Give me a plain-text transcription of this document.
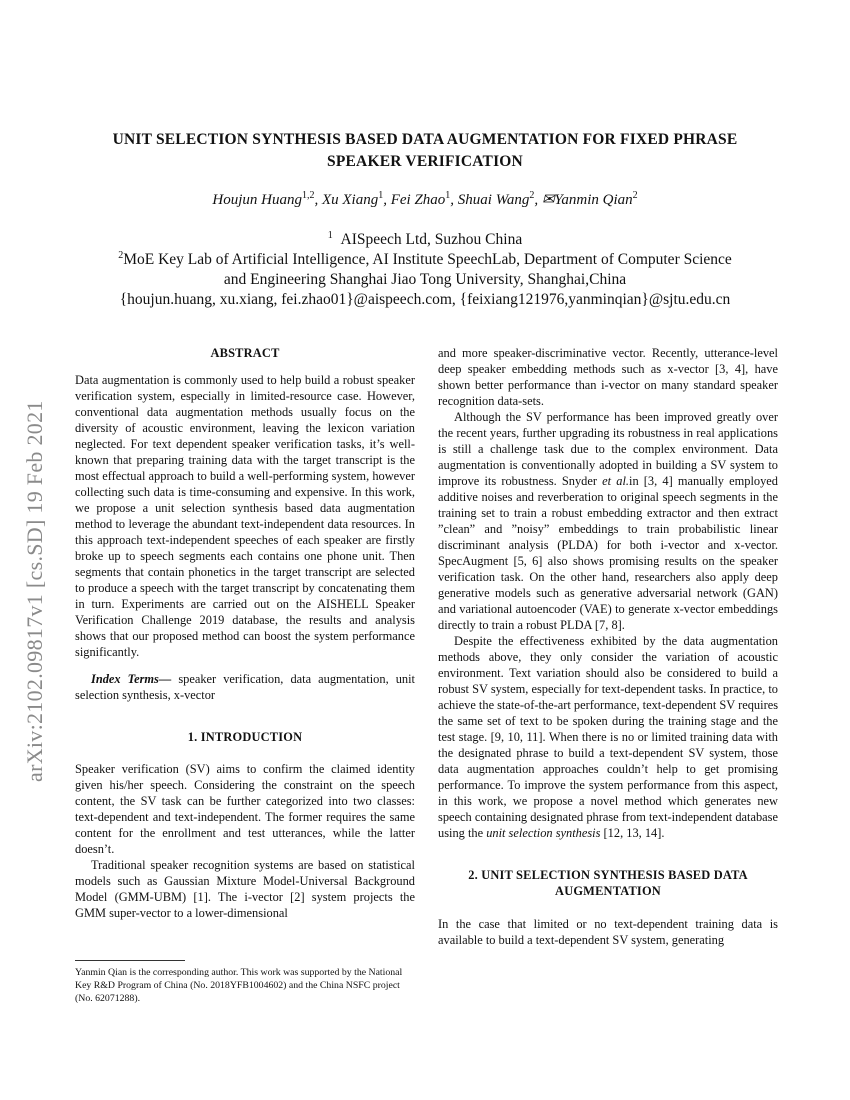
arXiv:2102.09817v1 [cs.SD] 19 Feb 2021
UNIT SELECTION SYNTHESIS BASED DATA AUGMENTATION FOR FIXED PHRASE
SPEAKER VERIFICATION
Houjun Huang$^{1,2}$, Xu Xiang$^1$, Fei Zhao$^1$, Shuai Wang$^2$, ✉Yanmin Qian$^2$
$^1$ AISpeech Ltd, Suzhou China
$^2$MoE Key Lab of Artificial Intelligence, AI Institute SpeechLab, Department of Computer Science
and Engineering Shanghai Jiao Tong University, Shanghai,China
{houjun.huang, xu.xiang, fei.zhao01}@aispeech.com, {feixiang121976,yanminqian}@sjtu.edu.cn
ABSTRACT

Data augmentation is commonly used to help build a robust speaker verification system, especially in limited-resource case. However, conventional data augmentation methods usually focus on the diversity of acoustic environment, leaving the lexicon variation neglected. For text dependent speaker verification tasks, it’s well-known that preparing training data with the target transcript is the most effectual approach to build a well-performing system, however collecting such data is time-consuming and expensive. In this work, we propose a unit selection synthesis based data augmentation method to leverage the abundant text-independent data resources. In this approach text-independent speeches of each speaker are firstly broke up to speech segments each contains one phone unit. Then segments that contain phonetics in the target transcript are selected to produce a speech with the target transcript by concatenating them in turn. Experiments are carried out on the AISHELL Speaker Verification Challenge 2019 database, the results and analysis shows that our proposed method can boost the system performance significantly.

Index Terms— speaker verification, data augmentation, unit selection synthesis, x-vector

1. INTRODUCTION

Speaker verification (SV) aims to confirm the claimed identity given his/her speech. Considering the constraint on the speech content, the SV task can be further categorized into two classes: text-dependent and text-independent. The former requires the same content for the enrollment and test utterances, while the latter doesn’t.

Traditional speaker recognition systems are based on statistical models such as Gaussian Mixture Model-Universal Background Model (GMM-UBM) [1]. The i-vector [2] system projects the GMM super-vector to a lower-dimensional

Yanmin Qian is the corresponding author. This work was supported by the National Key R&D Program of China (No. 2018YFB1004602) and the China NSFC project (No. 62071288).

and more speaker-discriminative vector. Recently, utterance-level deep speaker embedding methods such as x-vector [3, 4], have shown better performance than i-vector on many standard speaker recognition data-sets.

Although the SV performance has been improved greatly over the recent years, further upgrading its robustness in real applications is still a challenge task due to the complex environment. Data augmentation is conventionally adopted in building a SV system to improve its robustness. Snyder et al.in [3, 4] manually employed additive noises and reverberation to original speech segments in the training set to train a robust embedding extractor and then extract ”clean” and ”noisy” embeddings to train probabilistic linear discriminant analysis (PLDA) for both i-vector and x-vector. SpecAugment [5, 6] also shows promising results on the speaker verification task. On the other hand, researchers also apply deep generative models such as generative adversarial network (GAN) and variational autoencoder (VAE) to generate x-vector embeddings directly to train a robust PLDA [7, 8].

Despite the effectiveness exhibited by the data augmentation methods above, they only consider the variation of acoustic environment. Text variation should also be considered to build a robust SV system, especially for text-dependent tasks. In practice, to achieve the state-of-the-art performance, text-dependent SV requires the same set of text to be spoken during the training stage and the test stage. [9, 10, 11]. When there is no or limited training data with the designated phrase to build a text-dependent SV system, those data augmentation approaches couldn’t help to get promising performance. To improve the system performance from this aspect, in this work, we propose a novel method which generates new speech containing designated phrase from text-independent database using the unit selection synthesis [12, 13, 14].

2. UNIT SELECTION SYNTHESIS BASED DATA
AUGMENTATION

In the case that limited or no text-dependent training data is available to build a text-dependent SV system, generating
